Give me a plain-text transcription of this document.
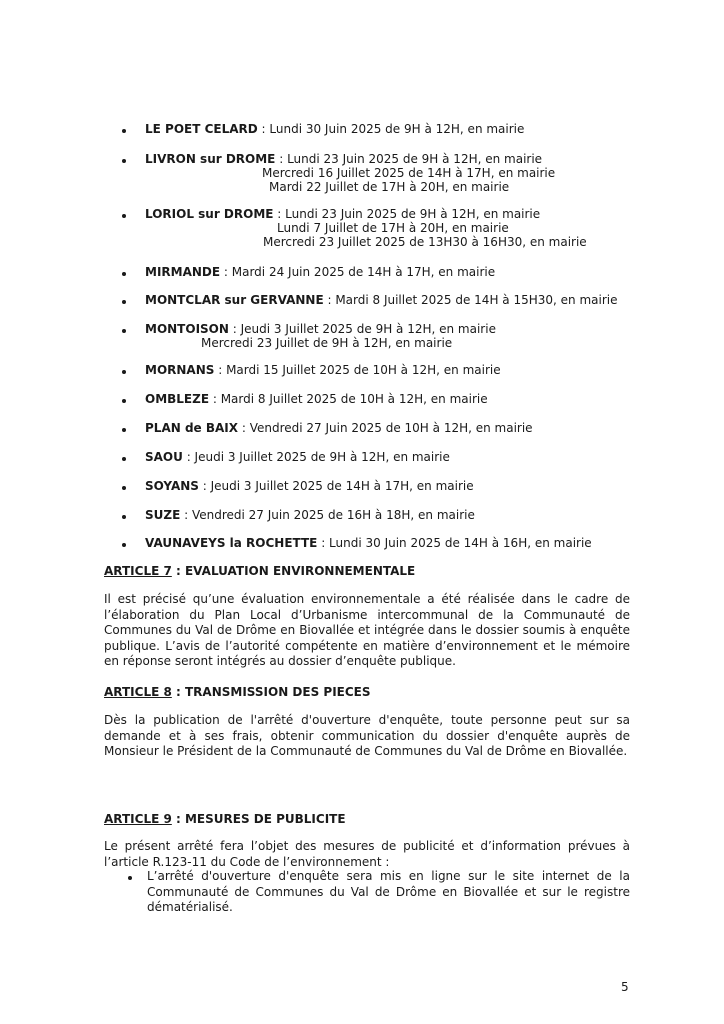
LE POET CELARD : Lundi 30 Juin 2025 de 9H à 12H, en mairie
LIVRON sur DROME : Lundi 23 Juin 2025 de 9H à 12H, en mairie
Mercredi 16 Juillet 2025 de 14H à 17H, en mairie
Mardi 22 Juillet de 17H à 20H, en mairie
LORIOL sur DROME : Lundi 23 Juin 2025 de 9H à 12H, en mairie
Lundi 7 Juillet de 17H à 20H, en mairie
Mercredi 23 Juillet 2025 de 13H30 à 16H30, en mairie
MIRMANDE : Mardi 24 Juin 2025 de 14H à 17H, en mairie
MONTCLAR sur GERVANNE : Mardi 8 Juillet 2025 de 14H à 15H30, en mairie
MONTOISON : Jeudi 3 Juillet 2025 de 9H à 12H, en mairie
Mercredi 23 Juillet de 9H à 12H, en mairie
MORNANS : Mardi 15 Juillet 2025 de 10H à 12H, en mairie
OMBLEZE : Mardi 8 Juillet 2025 de 10H à 12H, en mairie
PLAN de BAIX : Vendredi 27 Juin 2025 de 10H à 12H, en mairie
SAOU : Jeudi 3 Juillet 2025 de 9H à 12H, en mairie
SOYANS : Jeudi 3 Juillet 2025 de 14H à 17H, en mairie
SUZE : Vendredi 27 Juin 2025 de 16H à 18H, en mairie
VAUNAVEYS la ROCHETTE : Lundi 30 Juin 2025 de 14H à 16H, en mairie
ARTICLE 7 : EVALUATION ENVIRONNEMENTALE

Il est précisé qu’une évaluation environnementale a été réalisée dans le cadre de l’élaboration du Plan Local d’Urbanisme intercommunal de la Communauté de Communes du Val de Drôme en Biovallée et intégrée dans le dossier soumis à enquête publique. L’avis de l’autorité compétente en matière d’environnement et le mémoire en réponse seront intégrés au dossier d’enquête publique.

ARTICLE 8 : TRANSMISSION DES PIECES

Dès la publication de l'arrêté d'ouverture d'enquête, toute personne peut sur sa demande et à ses frais, obtenir communication du dossier d'enquête auprès de Monsieur le Président de la Communauté de Communes du Val de Drôme en Biovallée.

ARTICLE 9 : MESURES DE PUBLICITE

Le présent arrêté fera l’objet des mesures de publicité et d’information prévues à l’article R.123-11 du Code de l’environnement :

L’arrêté d'ouverture d'enquête sera mis en ligne sur le site internet de la Communauté de Communes du Val de Drôme en Biovallée et sur le registre dématérialisé.

5
